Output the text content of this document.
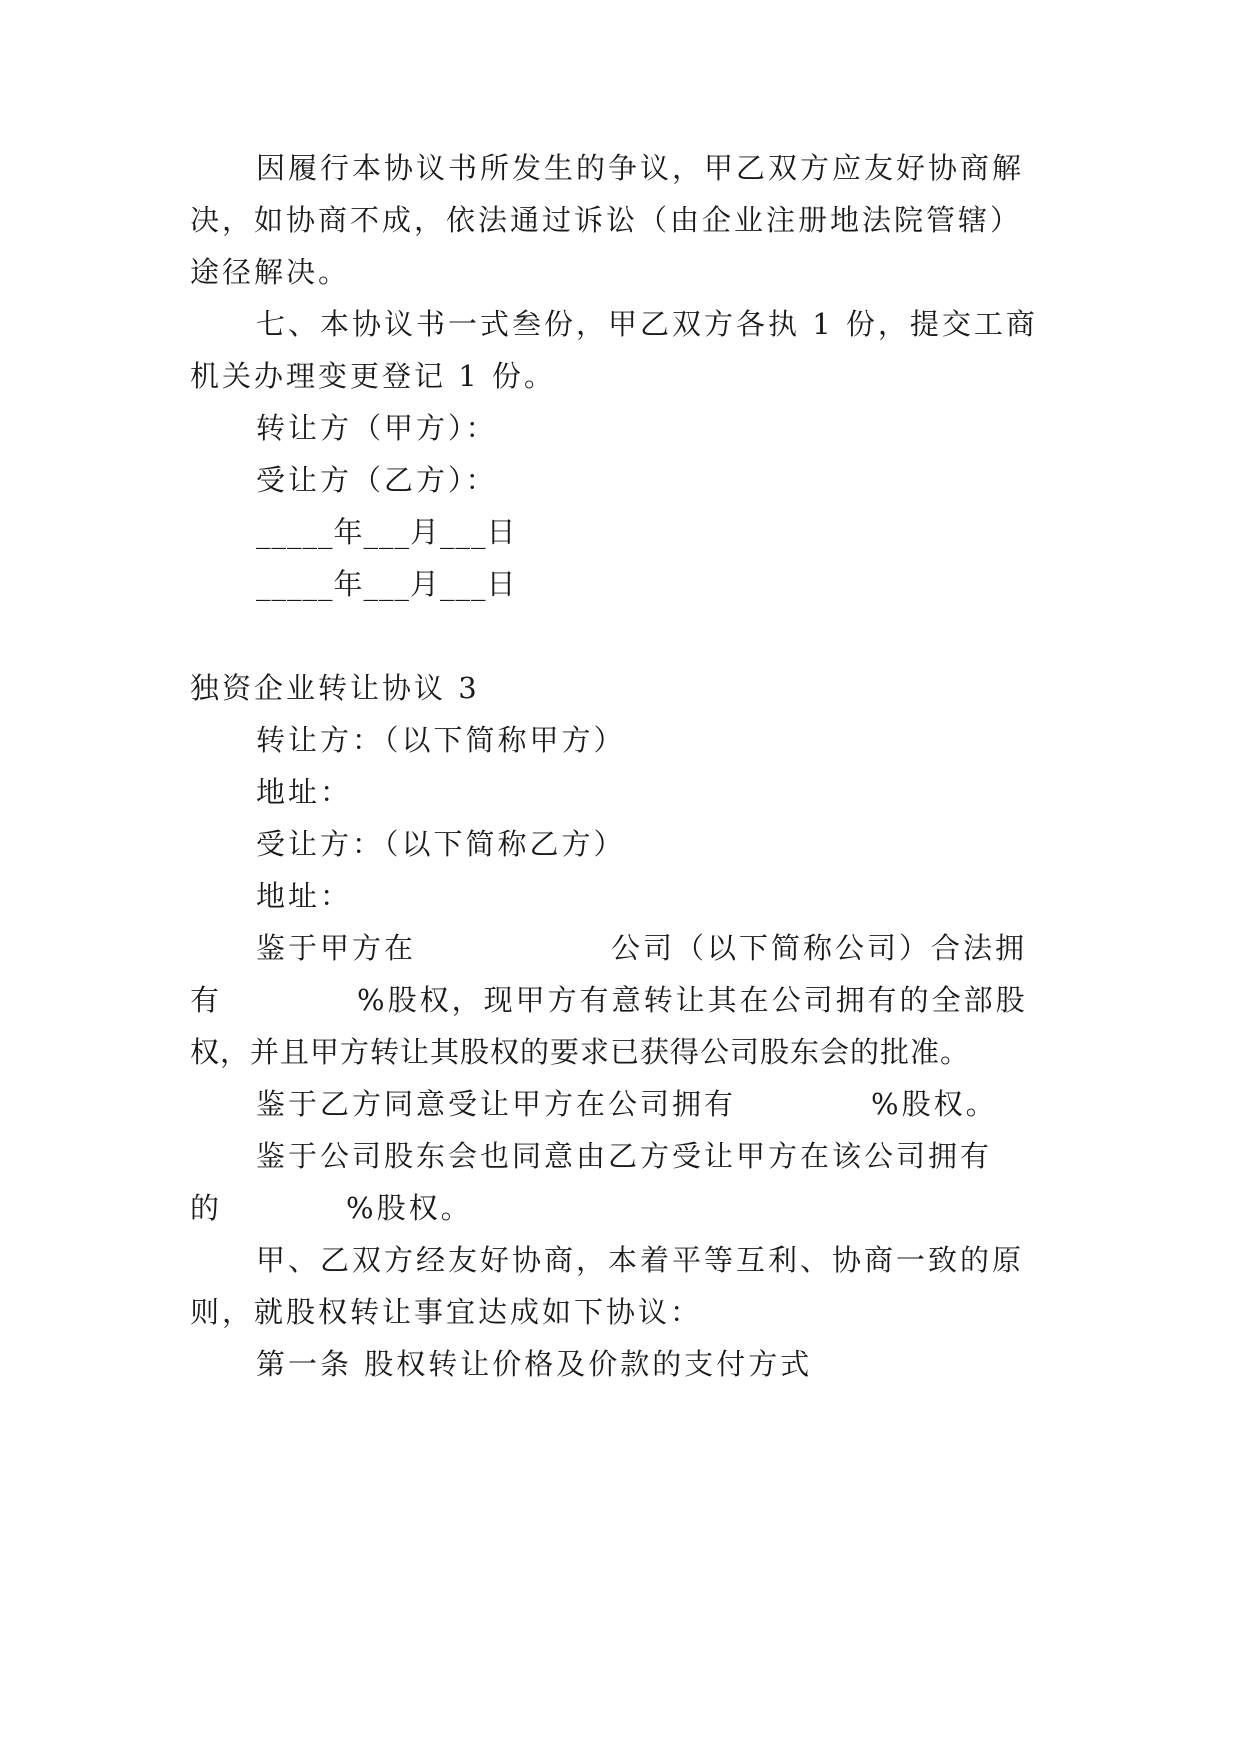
因履行本协议书所发生的争议，甲乙双方应友好协商解
决，如协商不成，依法通过诉讼（由企业注册地法院管辖）
途径解决。
七、本协议书一式叁份，甲乙双方各执 1 份，提交工商
机关办理变更登记 1 份。
转让方（甲方）：
受让方（乙方）：
_____年___月___日
_____年___月___日
独资企业转让协议 3
转让方：（以下简称甲方）
地址：
受让方：（以下简称乙方）
地址：
鉴于甲方在	公司（以下简称公司）合法拥
有	%股权，现甲方有意转让其在公司拥有的全部股
权，并且甲方转让其股权的要求已获得公司股东会的批准。
鉴于乙方同意受让甲方在公司拥有	%股权。
鉴于公司股东会也同意由乙方受让甲方在该公司拥有
的	%股权。
甲、乙双方经友好协商，本着平等互利、协商一致的原
则，就股权转让事宜达成如下协议：
第一条 股权转让价格及价款的支付方式
